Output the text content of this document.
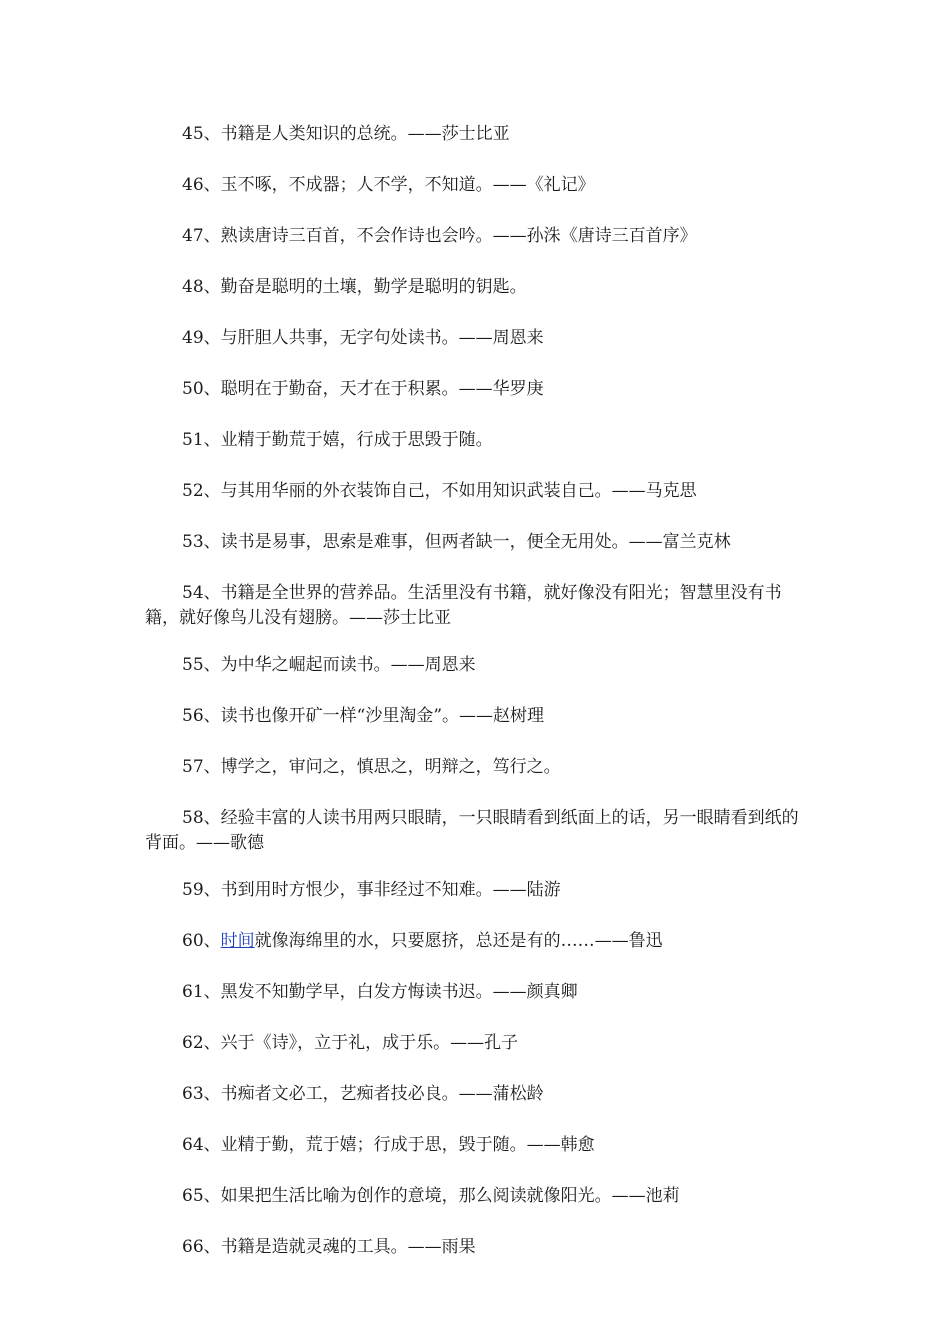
45、书籍是人类知识的总统。——莎士比亚

46、玉不啄，不成器；人不学，不知道。——《礼记》

47、熟读唐诗三百首，不会作诗也会吟。——孙洙《唐诗三百首序》

48、勤奋是聪明的土壤，勤学是聪明的钥匙。

49、与肝胆人共事，无字句处读书。——周恩来

50、聪明在于勤奋，天才在于积累。——华罗庚

51、业精于勤荒于嬉，行成于思毁于随。

52、与其用华丽的外衣装饰自己，不如用知识武装自己。——马克思

53、读书是易事，思索是难事，但两者缺一，便全无用处。——富兰克林

54、书籍是全世界的营养品。生活里没有书籍，就好像没有阳光；智慧里没有书籍，就好像鸟儿没有翅膀。——莎士比亚

55、为中华之崛起而读书。——周恩来

56、读书也像开矿一样“沙里淘金”。——赵树理

57、博学之，审问之，慎思之，明辩之，笃行之。

58、经验丰富的人读书用两只眼睛，一只眼睛看到纸面上的话，另一眼睛看到纸的背面。——歌德

59、书到用时方恨少，事非经过不知难。——陆游

60、时间就像海绵里的水，只要愿挤，总还是有的……——鲁迅

61、黑发不知勤学早，白发方悔读书迟。——颜真卿

62、兴于《诗》，立于礼，成于乐。——孔子

63、书痴者文必工，艺痴者技必良。——蒲松龄

64、业精于勤，荒于嬉；行成于思，毁于随。——韩愈

65、如果把生活比喻为创作的意境，那么阅读就像阳光。——池莉

66、书籍是造就灵魂的工具。——雨果
